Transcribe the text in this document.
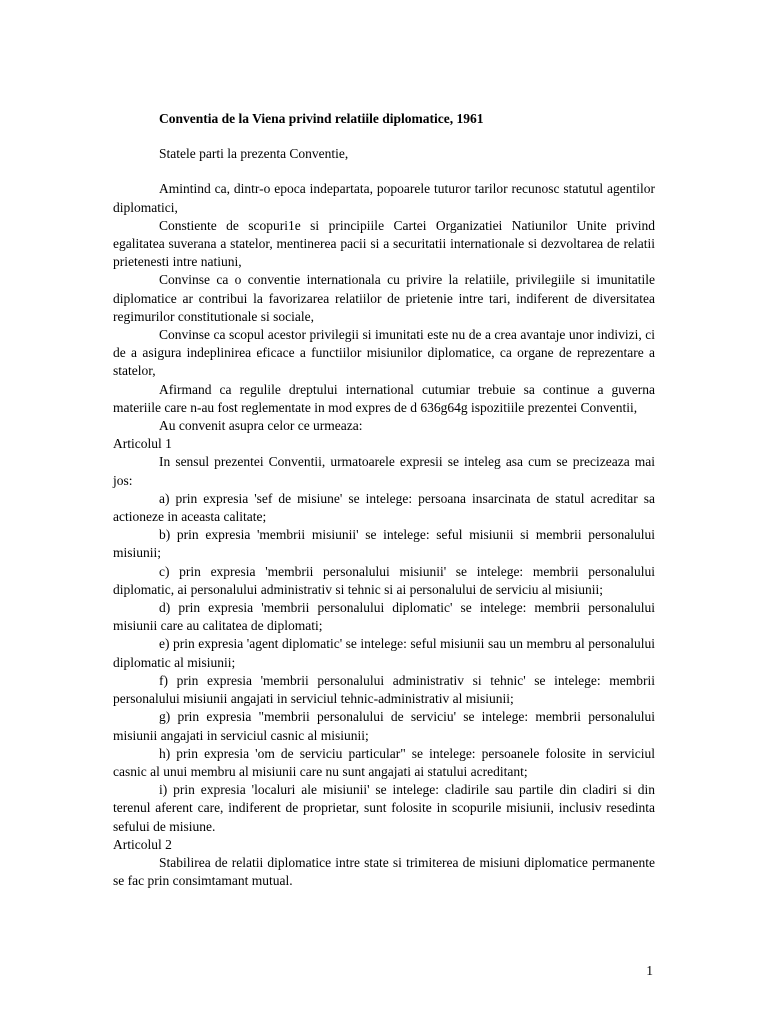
Conventia de la Viena privind relatiile diplomatice, 1961
Statele parti la prezenta Conventie,

Amintind ca, dintr-o epoca indepartata, popoarele tuturor tarilor recunosc statutul agentilor diplomatici,

Constiente de scopuri1e si principiile Cartei Organizatiei Natiunilor Unite privind egalitatea suverana a statelor, mentinerea pacii si a securitatii internationale si dezvoltarea de relatii prietenesti intre natiuni,

Convinse ca o conventie internationala cu privire la relatiile, privilegiile si imunitatile diplomatice ar contribui la favorizarea relatiilor de prietenie intre tari, indiferent de diversitatea regimurilor constitutionale si sociale,

Convinse ca scopul acestor privilegii si imunitati este nu de a crea avantaje unor indivizi, ci de a asigura indeplinirea eficace a functiilor misiunilor diplomatice, ca organe de reprezentare a statelor,

Afirmand ca regulile dreptului international cutumiar trebuie sa continue a guverna materiile care n-au fost reglementate in mod expres de d 636g64g ispozitiile prezentei Conventii,

Au convenit asupra celor ce urmeaza:

Articolul 1

In sensul prezentei Conventii, urmatoarele expresii se inteleg asa cum se precizeaza mai jos:

a) prin expresia 'sef de misiune' se intelege: persoana insarcinata de statul acreditar sa actioneze in aceasta calitate;

b) prin expresia 'membrii misiunii' se intelege: seful misiunii si membrii personalului misiunii;

c) prin expresia 'membrii personalului misiunii' se intelege: membrii personalului diplomatic, ai personalului administrativ si tehnic si ai personalului de serviciu al misiunii;

d) prin expresia 'membrii personalului diplomatic' se intelege: membrii personalului misiunii care au calitatea de diplomati;

e) prin expresia 'agent diplomatic' se intelege: seful misiunii sau un membru al personalului diplomatic al misiunii;

f) prin expresia 'membrii personalului administrativ si tehnic' se intelege: membrii personalului misiunii angajati in serviciul tehnic-administrativ al misiunii;

g) prin expresia "membrii personalului de serviciu' se intelege: membrii personalului misiunii angajati in serviciul casnic al misiunii;

h) prin expresia 'om de serviciu particular" se intelege: persoanele folosite in serviciul casnic al unui membru al misiunii care nu sunt angajati ai statului acreditant;

i) prin expresia 'localuri ale misiunii' se intelege: cladirile sau partile din cladiri si din terenul aferent care, indiferent de proprietar, sunt folosite in scopurile misiunii, inclusiv resedinta sefului de misiune.

Articolul 2

Stabilirea de relatii diplomatice intre state si trimiterea de misiuni diplomatice permanente se fac prin consimtamant mutual.

1
